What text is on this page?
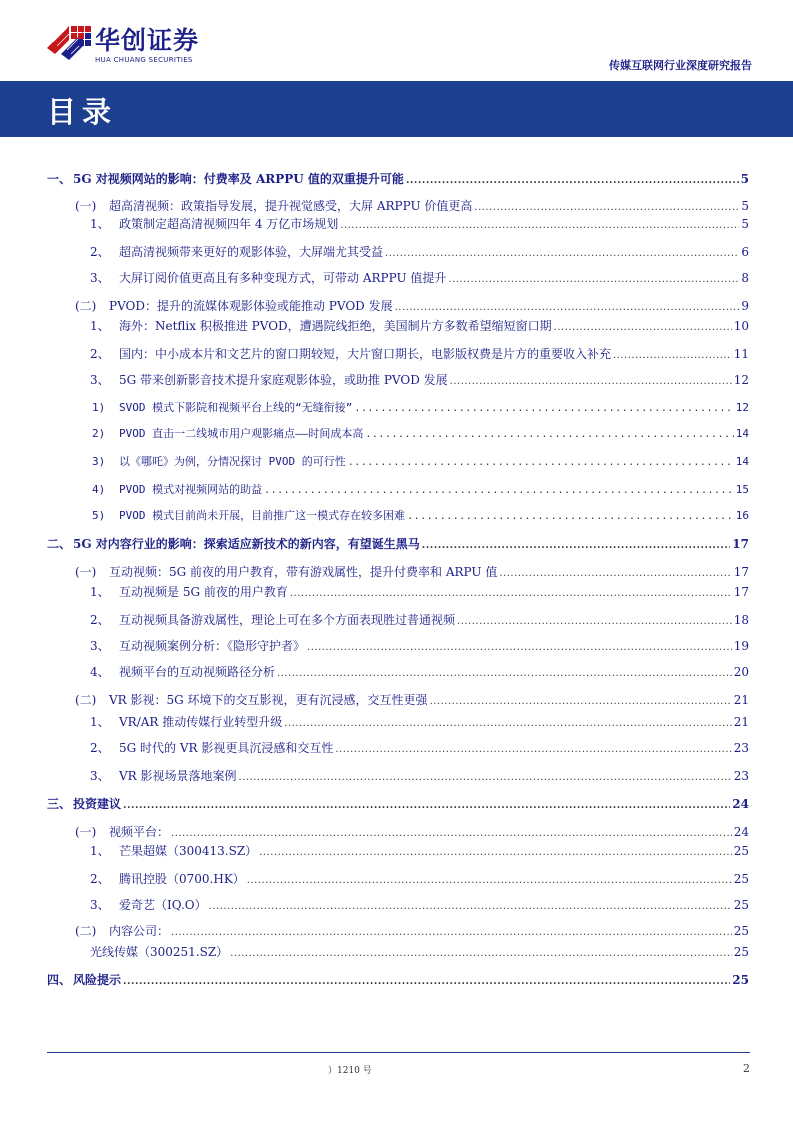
华创证券
HUA CHUANG SECURITIES	传媒互联网行业深度研究报告
目录
一、 5G 对视频网站的影响：付费率及 ARPPU 值的双重提升可能 .....	5
(一)	超高清视频：政策指导发展，提升视觉感受，大屏 ARPPU 价值更高 .....	5
1、 政策制定超高清视频四年 4 万亿市场规划 .....	5
2、 超高清视频带来更好的观影体验，大屏端尤其受益 .....	6
3、 大屏订阅价值更高且有多种变现方式，可带动 ARPPU 值提升 .....	8
(二)	PVOD：提升的流媒体观影体验或能推动 PVOD 发展 .....	9
1、 海外：Netflix 积极推进 PVOD，遭遇院线拒绝，美国制片方多数希望缩短窗口期 .....	10
2、 国内：中小成本片和文艺片的窗口期较短，大片窗口期长，电影版权费是片方的重要收入补充 .....	11
3、 5G 带来创新影音技术提升家庭观影体验，或助推 PVOD 发展 .....	12
1)	SVOD 模式下影院和视频平台上线的“无缝衔接” .....	12
2)	PVOD 直击一二线城市用户观影痛点——时间成本高 .....	14
3)	以《哪吒》为例，分情况探讨 PVOD 的可行性 .....	14
4)	PVOD 模式对视频网站的助益 .....	15
5)	PVOD 模式目前尚未开展，目前推广这一模式存在较多困难 .....	16
二、 5G 对内容行业的影响：探索适应新技术的新内容，有望诞生黑马 .....	17
(一)	互动视频：5G 前夜的用户教育，带有游戏属性，提升付费率和 ARPU 值 .....	17
1、 互动视频是 5G 前夜的用户教育 .....	17
2、 互动视频具备游戏属性，理论上可在多个方面表现胜过普通视频 .....	18
3、 互动视频案例分析：《隐形守护者》 .....	19
4、 视频平台的互动视频路径分析 .....	20
(二)	VR 影视：5G 环境下的交互影视，更有沉浸感，交互性更强 .....	21
1、 VR/AR 推动传媒行业转型升级 .....	21
2、 5G 时代的 VR 影视更具沉浸感和交互性 .....	23
3、 VR 影视场景落地案例 .....	23
三、 投资建议 .....	24
(一)	视频平台： .....	24
1、 芒果超媒（300413.SZ） .....	25
2、 腾讯控股（0700.HK） .....	25
3、 爱奇艺（IQ.O） .....	25
(二)	内容公司： .....	25
光线传媒（300251.SZ） .....	25
四、 风险提示 .....	25
）1210 号	2
